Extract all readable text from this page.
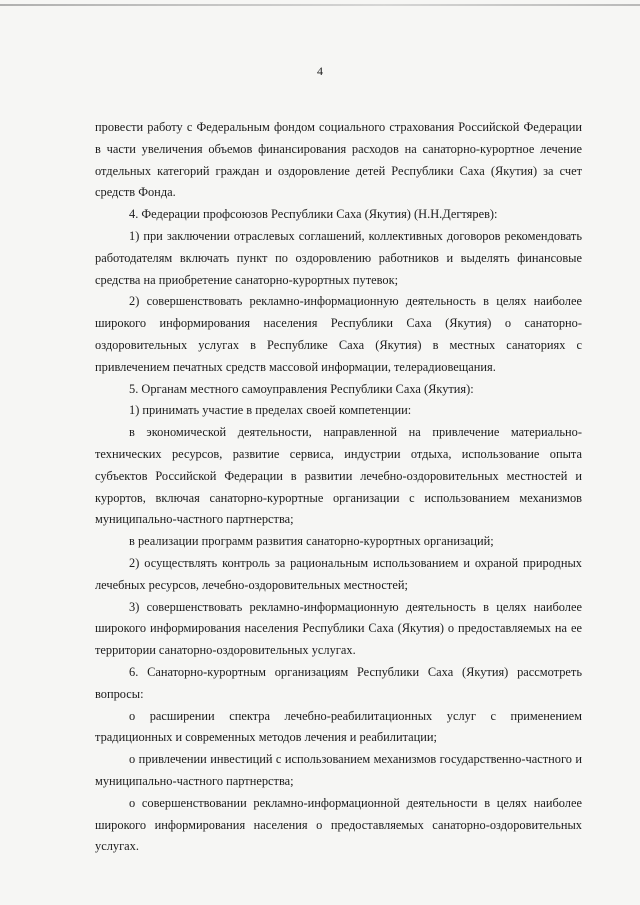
4

провести работу с Федеральным фондом социального страхования Российской Федерации в части увеличения объемов финансирования расходов на санаторно-курортное лечение отдельных категорий граждан и оздоровление детей Республики Саха (Якутия) за счет средств Фонда.

4. Федерации профсоюзов Республики Саха (Якутия) (Н.Н.Дегтярев):

1) при заключении отраслевых соглашений, коллективных договоров рекомендовать работодателям включать пункт по оздоровлению работников и выделять финансовые средства на приобретение санаторно-курортных путевок;

2) совершенствовать рекламно-информационную деятельность в целях наиболее широкого информирования населения Республики Саха (Якутия) о санаторно-оздоровительных услугах в Республике Саха (Якутия) в местных санаториях с привлечением печатных средств массовой информации, телерадиовещания.

5. Органам местного самоуправления Республики Саха (Якутия):

1) принимать участие в пределах своей компетенции:

в экономической деятельности, направленной на привлечение материально-технических ресурсов, развитие сервиса, индустрии отдыха, использование опыта субъектов Российской Федерации в развитии лечебно-оздоровительных местностей и курортов, включая санаторно-курортные организации с использованием механизмов муниципально-частного партнерства;

в реализации программ развития санаторно-курортных организаций;

2) осуществлять контроль за рациональным использованием и охраной природных лечебных ресурсов, лечебно-оздоровительных местностей;

3) совершенствовать рекламно-информационную деятельность в целях наиболее широкого информирования населения Республики Саха (Якутия) о предоставляемых на ее территории санаторно-оздоровительных услугах.

6. Санаторно-курортным организациям Республики Саха (Якутия) рассмотреть вопросы:

о расширении спектра лечебно-реабилитационных услуг с применением традиционных и современных методов лечения и реабилитации;

о привлечении инвестиций с использованием механизмов государственно-частного и муниципально-частного партнерства;

о совершенствовании рекламно-информационной деятельности в целях наиболее широкого информирования населения о предоставляемых санаторно-оздоровительных услугах.
